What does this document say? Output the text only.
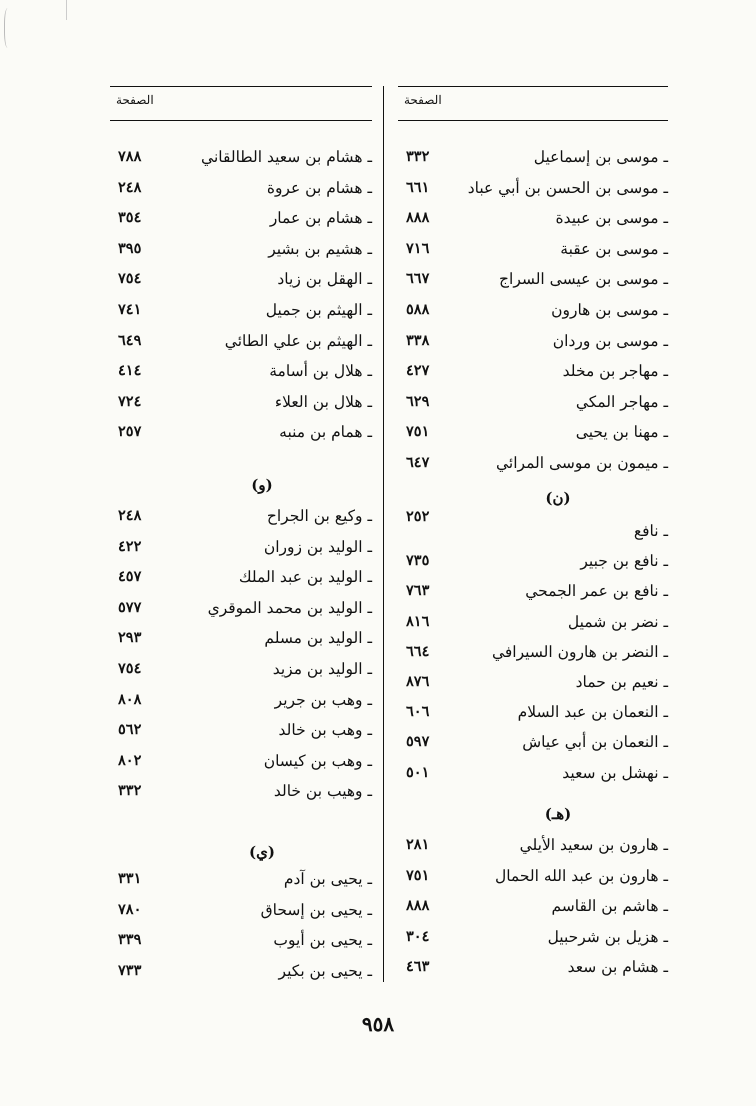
الصفحة
ـ موسى بن إسماعيل
٣٣٢
ـ موسى بن الحسن بن أبي عباد
٦٦١
ـ موسى بن عبيدة
٨٨٨
ـ موسى بن عقبة
٧١٦
ـ موسى بن عيسى السراج
٦٦٧
ـ موسى بن هارون
٥٨٨
ـ موسى بن وردان
٣٣٨
ـ مهاجر بن مخلد
٤٢٧
ـ مهاجر المكي
٦٢٩
ـ مهنا بن يحيى
٧٥١
ـ ميمون بن موسى المرائي
٦٤٧
(ن)
ـ نافع
٢٥٢
ـ نافع بن جبير
٧٣٥
ـ نافع بن عمر الجمحي
٧٦٣
ـ نضر بن شميل
٨١٦
ـ النضر بن هارون السيرافي
٦٦٤
ـ نعيم بن حماد
٨٧٦
ـ النعمان بن عبد السلام
٦٠٦
ـ النعمان بن أبي عياش
٥٩٧
ـ نهشل بن سعيد
٥٠١
(هـ)
ـ هارون بن سعيد الأيلي
٢٨١
ـ هارون بن عبد الله الحمال
٧٥١
ـ هاشم بن القاسم
٨٨٨
ـ هزيل بن شرحبيل
٣٠٤
ـ هشام بن سعد
٤٦٣
الصفحة
ـ هشام بن سعيد الطالقاني
٧٨٨
ـ هشام بن عروة
٢٤٨
ـ هشام بن عمار
٣٥٤
ـ هشيم بن بشير
٣٩٥
ـ الهقل بن زياد
٧٥٤
ـ الهيثم بن جميل
٧٤١
ـ الهيثم بن علي الطائي
٦٤٩
ـ هلال بن أسامة
٤١٤
ـ هلال بن العلاء
٧٢٤
ـ همام بن منبه
٢٥٧
(و)
ـ وكيع بن الجراح
٢٤٨
ـ الوليد بن زوران
٤٢٢
ـ الوليد بن عبد الملك
٤٥٧
ـ الوليد بن محمد الموقري
٥٧٧
ـ الوليد بن مسلم
٢٩٣
ـ الوليد بن مزيد
٧٥٤
ـ وهب بن جرير
٨٠٨
ـ وهب بن خالد
٥٦٢
ـ وهب بن كيسان
٨٠٢
ـ وهيب بن خالد
٣٣٢
(ي)
ـ يحيى بن آدم
٣٣١
ـ يحيى بن إسحاق
٧٨٠
ـ يحيى بن أيوب
٣٣٩
ـ يحيى بن بكير
٧٣٣
٩٥٨
